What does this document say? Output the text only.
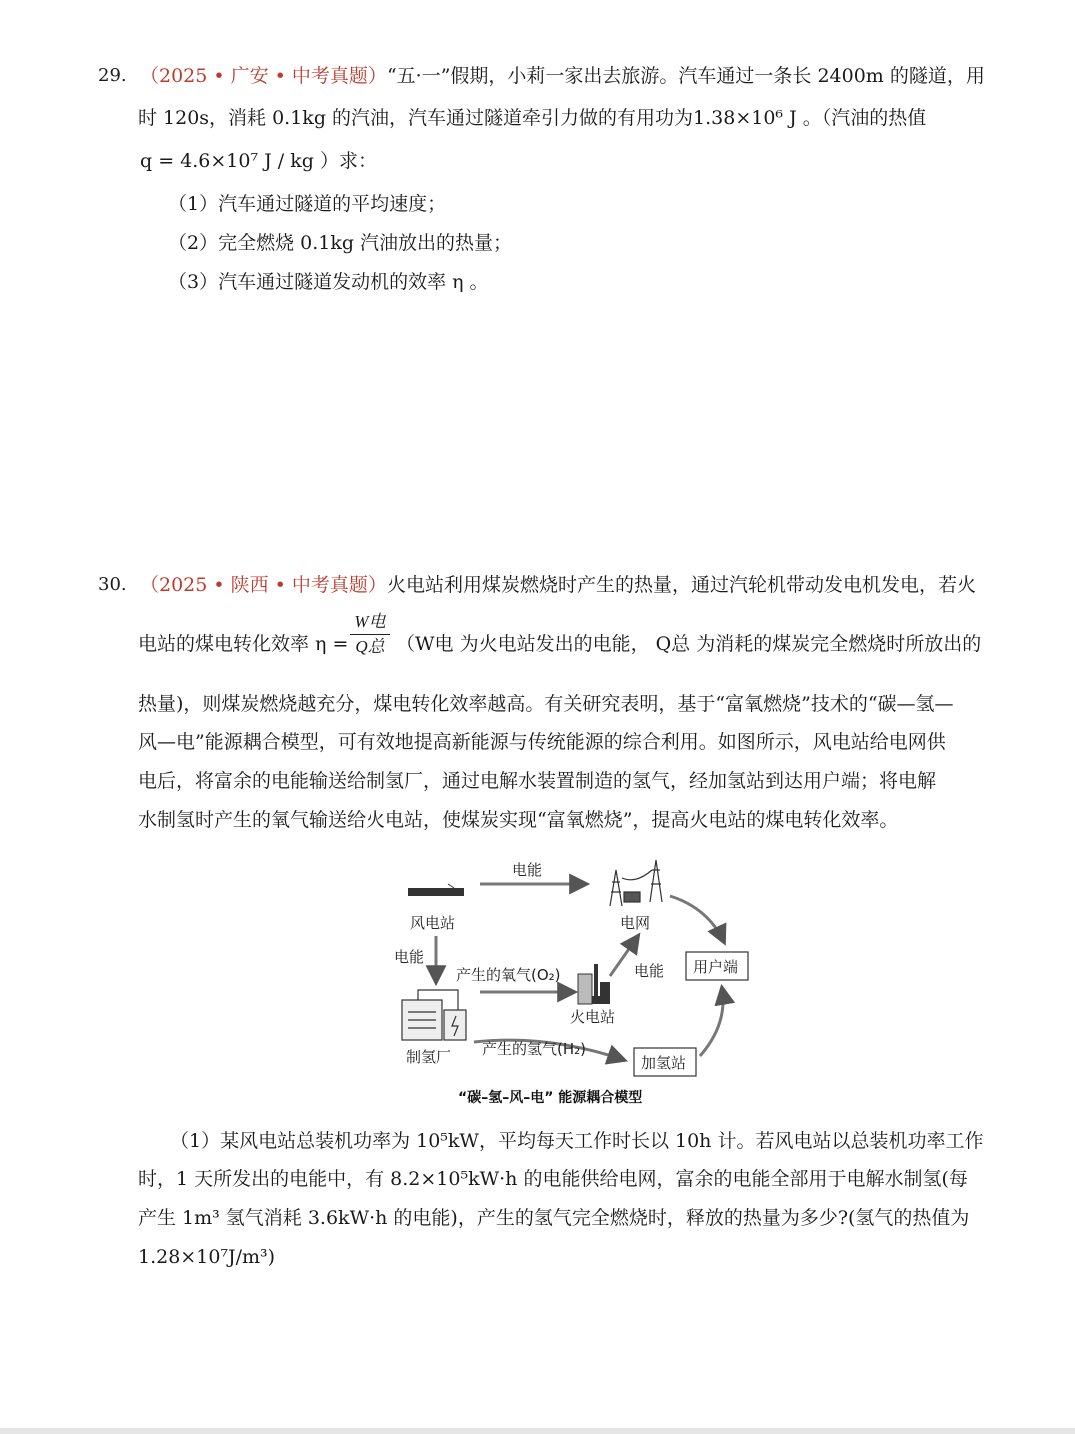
29. （2025 • 广安 • 中考真题）“五·一”假期，小莉一家出去旅游。汽车通过一条长 2400m 的隧道，用
时 120s，消耗 0.1kg 的汽油，汽车通过隧道牵引力做的有用功为1.38×10⁶ J 。（汽油的热值
q = 4.6×10⁷ J / kg ）求：
（1）汽车通过隧道的平均速度；
（2）完全燃烧 0.1kg 汽油放出的热量；
（3）汽车通过隧道发动机的效率 η 。
30. （2025 • 陕西 • 中考真题）火电站利用煤炭燃烧时产生的热量，通过汽轮机带动发电机发电，若火
电站的煤电转化效率 η =
W电
Q总 （W电 为火电站发出的电能， Q总 为消耗的煤炭完全燃烧时所放出的
热量)，则煤炭燃烧越充分，煤电转化效率越高。有关研究表明，基于“富氧燃烧”技术的“碳—氢—
风—电”能源耦合模型，可有效地提高新能源与传统能源的综合利用。如图所示，风电站给电网供
电后，将富余的电能输送给制氢厂，通过电解水装置制造的氢气，经加氢站到达用户端；将电解
水制氢时产生的氧气输送给火电站，使煤炭实现“富氧燃烧”，提高火电站的煤电转化效率。
风电站
电能
电网
用户端
电能
制氢厂
产生的氧气(O₂)
火电站
电能
产生的氢气(H₂)
加氢站
“碳–氢–风–电” 能源耦合模型
（1）某风电站总装机功率为 10⁵kW，平均每天工作时长以 10h 计。若风电站以总装机功率工作
时，1 天所发出的电能中，有 8.2×10⁵kW·h 的电能供给电网，富余的电能全部用于电解水制氢(每
产生 1m³ 氢气消耗 3.6kW·h 的电能)，产生的氢气完全燃烧时，释放的热量为多少?(氢气的热值为
1.28×10⁷J/m³)
